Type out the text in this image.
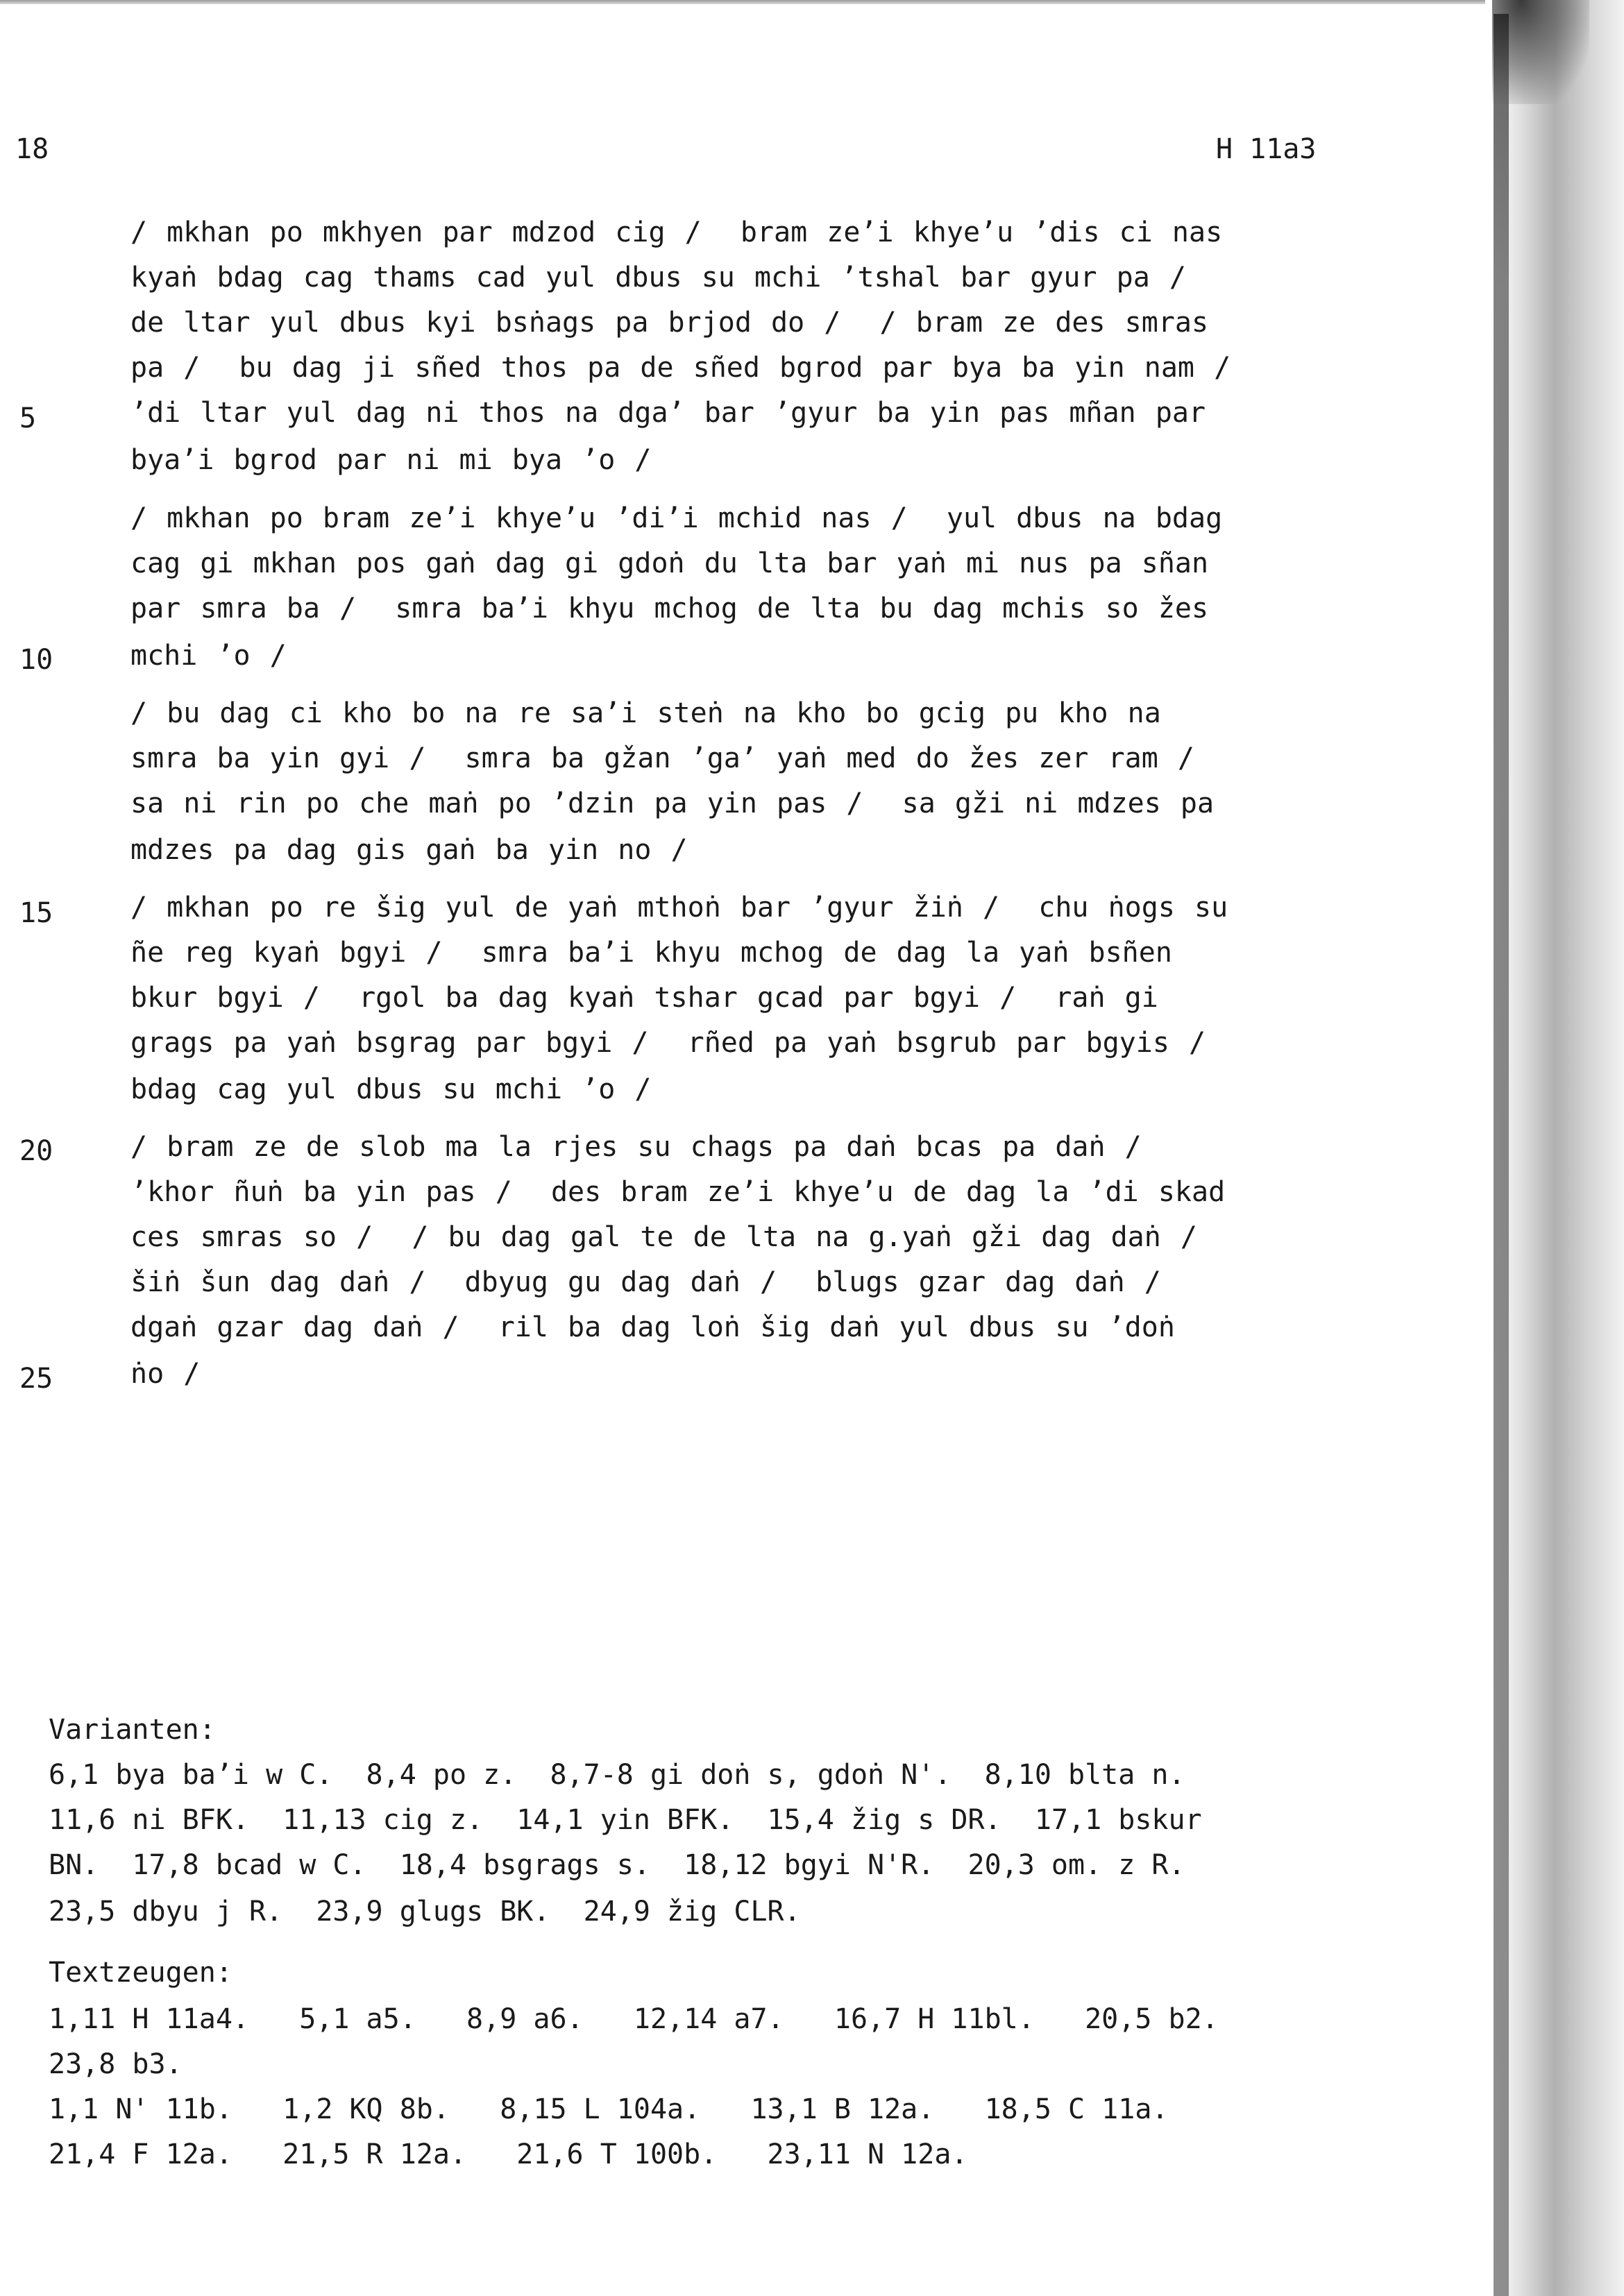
18	H 11a3
/ mkhan po mkhyen par mdzod cig /  bram ze’i khye’u ’dis ci nas
kyaṅ bdag cag thams cad yul dbus su mchi ’tshal bar gyur pa /
de ltar yul dbus kyi bsṅags pa brjod do /  / bram ze des smras
pa /  bu dag ji sñed thos pa de sñed bgrod par bya ba yin nam /
’di ltar yul dag ni thos na dga’ bar ’gyur ba yin pas mñan par
bya’i bgrod par ni mi bya ’o /
/ mkhan po bram ze’i khye’u ’di’i mchid nas /  yul dbus na bdag
cag gi mkhan pos gaṅ dag gi gdoṅ du lta bar yaṅ mi nus pa sñan
par smra ba /  smra ba’i khyu mchog de lta bu dag mchis so žes
mchi ’o /
/ bu dag ci kho bo na re sa’i steṅ na kho bo gcig pu kho na
smra ba yin gyi /  smra ba gžan ’ga’ yaṅ med do žes zer ram /
sa ni rin po che maṅ po ’dzin pa yin pas /  sa gži ni mdzes pa
mdzes pa dag gis gaṅ ba yin no /
/ mkhan po re šig yul de yaṅ mthoṅ bar ’gyur žiṅ /  chu ṅogs su
ñe reg kyaṅ bgyi /  smra ba’i khyu mchog de dag la yaṅ bsñen
bkur bgyi /  rgol ba dag kyaṅ tshar gcad par bgyi /  raṅ gi
grags pa yaṅ bsgrag par bgyi /  rñed pa yaṅ bsgrub par bgyis /
bdag cag yul dbus su mchi ’o /
/ bram ze de slob ma la rjes su chags pa daṅ bcas pa daṅ /
’khor ñuṅ ba yin pas /  des bram ze’i khye’u de dag la ’di skad
ces smras so /  / bu dag gal te de lta na g.yaṅ gži dag daṅ /
šiṅ šun dag daṅ /  dbyug gu dag daṅ /  blugs gzar dag daṅ /
dgaṅ gzar dag daṅ /  ril ba dag loṅ šig daṅ yul dbus su ’doṅ
ṅo /
5
10
15
20
25
Varianten:
6,1 bya ba’i w C.  8,4 po z.  8,7-8 gi doṅ s, gdoṅ N'.  8,10 blta n.
11,6 ni BFK.  11,13 cig z.  14,1 yin BFK.  15,4 žig s DR.  17,1 bskur
BN.  17,8 bcad w C.  18,4 bsgrags s.  18,12 bgyi N'R.  20,3 om. z R.
23,5 dbyu j R.  23,9 glugs BK.  24,9 žig CLR.
Textzeugen:
1,11 H 11a4.   5,1 a5.   8,9 a6.   12,14 a7.   16,7 H 11bl.   20,5 b2.
23,8 b3.
1,1 N' 11b.   1,2 KQ 8b.   8,15 L 104a.   13,1 B 12a.   18,5 C 11a.
21,4 F 12a.   21,5 R 12a.   21,6 T 100b.   23,11 N 12a.
